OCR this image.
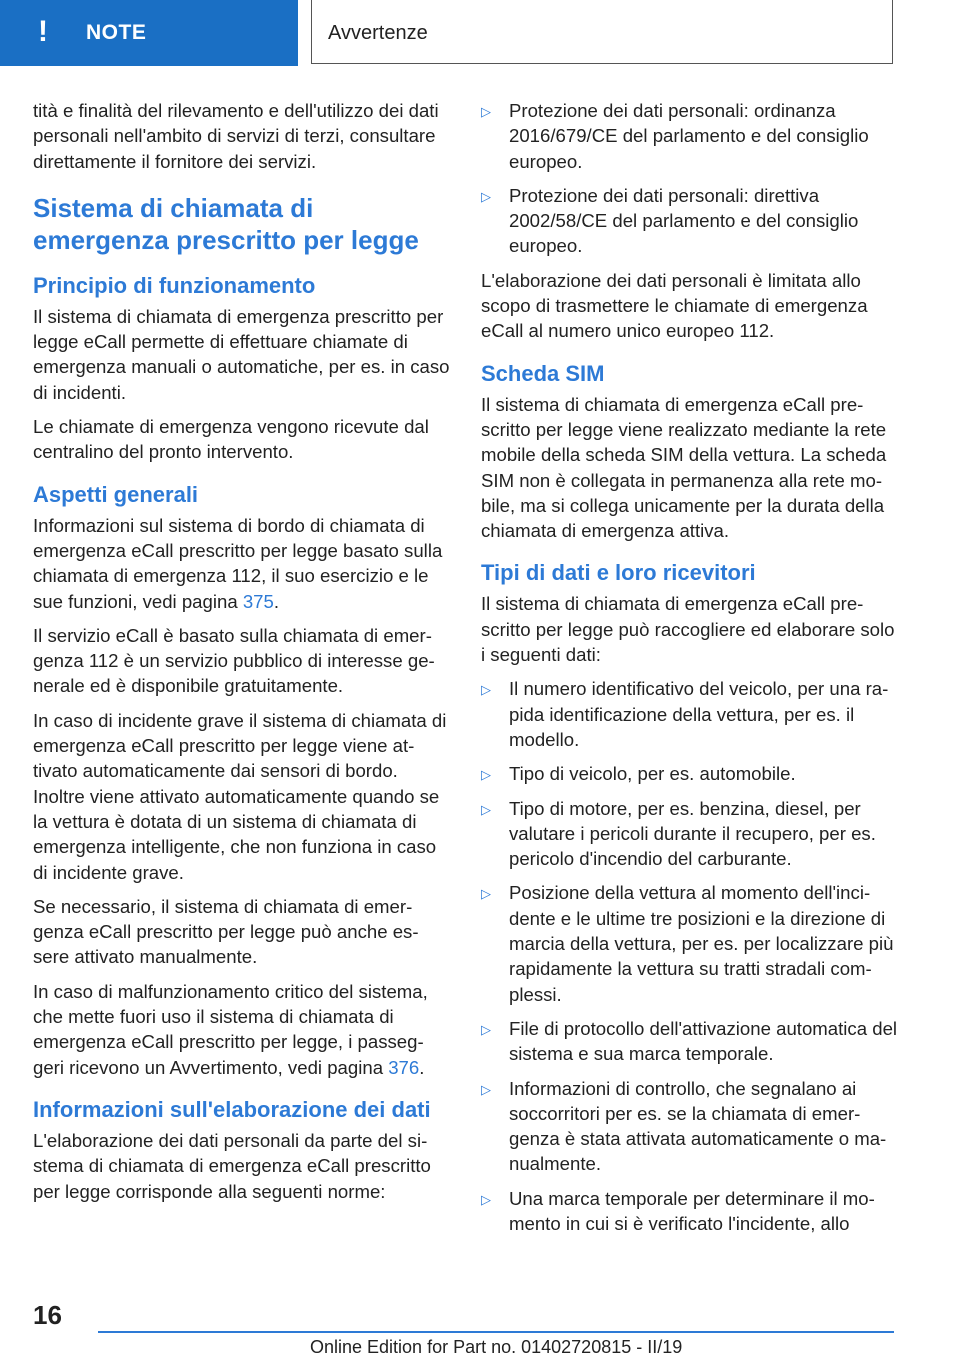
! NOTE	Avvertenze

tità e finalità del rilevamento e dell'utilizzo dei dati personali nell'ambito di servizi di terzi, consultare direttamente il fornitore dei servizi.

Sistema di chiamata di emergenza prescritto per legge
Principio di funzionamento

Il sistema di chiamata di emergenza prescritto per legge eCall permette di effettuare chiamate di emergenza manuali o automatiche, per es. in caso di incidenti.

Le chiamate di emergenza vengono ricevute dal centralino del pronto intervento.

Aspetti generali

Informazioni sul sistema di bordo di chiamata di emergenza eCall prescritto per legge basato sulla chiamata di emergenza 112, il suo esercizio e le sue funzioni, vedi pagina 375.

Il servizio eCall è basato sulla chiamata di emer‐ genza 112 è un servizio pubblico di interesse ge‐ nerale ed è disponibile gratuitamente.

In caso di incidente grave il sistema di chiamata di emergenza eCall prescritto per legge viene at‐ tivato automaticamente dai sensori di bordo. Inoltre viene attivato automaticamente quando se la vettura è dotata di un sistema di chiamata di emergenza intelligente, che non funziona in caso di incidente grave.

Se necessario, il sistema di chiamata di emer‐ genza eCall prescritto per legge può anche es‐ sere attivato manualmente.

In caso di malfunzionamento critico del sistema, che mette fuori uso il sistema di chiamata di emergenza eCall prescritto per legge, i passeg‐ geri ricevono un Avvertimento, vedi pagina 376.

Informazioni sull'elaborazione dei dati

L'elaborazione dei dati personali da parte del si‐ stema di chiamata di emergenza eCall prescritto per legge corrisponde alla seguenti norme:

▷ Protezione dei dati personali: ordinanza 2016/679/CE del parlamento e del consiglio europeo.
▷ Protezione dei dati personali: direttiva 2002/58/CE del parlamento e del consiglio europeo.

L'elaborazione dei dati personali è limitata allo scopo di trasmettere le chiamate di emergenza eCall al numero unico europeo 112.

Scheda SIM

Il sistema di chiamata di emergenza eCall pre‐ scritto per legge viene realizzato mediante la rete mobile della scheda SIM della vettura. La scheda SIM non è collegata in permanenza alla rete mo‐ bile, ma si collega unicamente per la durata della chiamata di emergenza attiva.

Tipi di dati e loro ricevitori

Il sistema di chiamata di emergenza eCall pre‐ scritto per legge può raccogliere ed elaborare solo i seguenti dati:

▷ Il numero identificativo del veicolo, per una ra‐ pida identificazione della vettura, per es. il modello.
▷ Tipo di veicolo, per es. automobile.
▷ Tipo di motore, per es. benzina, diesel, per valutare i pericoli durante il recupero, per es. pericolo d'incendio del carburante.
▷ Posizione della vettura al momento dell'inci‐ dente e le ultime tre posizioni e la direzione di marcia della vettura, per es. per localizzare più rapidamente la vettura su tratti stradali com‐ plessi.
▷ File di protocollo dell'attivazione automatica del sistema e sua marca temporale.
▷ Informazioni di controllo, che segnalano ai soccorritori per es. se la chiamata di emer‐ genza è stata attivata automaticamente o ma‐ nualmente.
▷ Una marca temporale per determinare il mo‐ mento in cui si è verificato l'incidente, allo
16
Online Edition for Part no. 01402720815 - II/19
